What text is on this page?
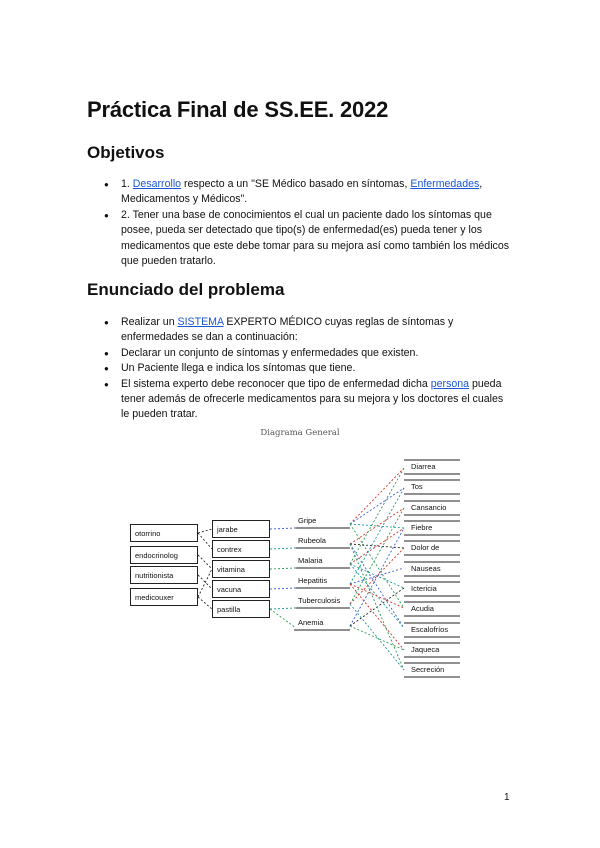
Práctica Final de SS.EE. 2022
Objetivos
● 1. Desarrollo respecto a un "SE Médico basado en síntomas, Enfermedades, Medicamentos y Médicos".
● 2. Tener una base de conocimientos el cual un paciente dado los síntomas que posee, pueda ser detectado que tipo(s) de enfermedad(es) pueda tener y los medicamentos que este debe tomar para su mejora así como también los médicos que pueden tratarlo.
Enunciado del problema
● Realizar un SISTEMA EXPERTO MÉDICO cuyas reglas de síntomas y enfermedades se dan a continuación:
● Declarar un conjunto de síntomas y enfermedades que existen.
● Un Paciente llega e indica los síntomas que tiene.
● El sistema experto debe reconocer que tipo de enfermedad dicha persona pueda tener además de ofrecerle medicamentos para su mejora y los doctores el cuales le pueden tratar.
Diagrama General
otorrino
endocrinolog
nutritionista
medicouxer
jarabe
contrex
vitamina
vacuna
pastilla
Gripe
Rubeola
Malaria
Hepatitis
Tuberculosis
Anemia
Diarrea
Tos
Cansancio
Fiebre
Dolor de
Nauseas
Ictericia
Acudia
Escalofríos
Jaqueca
Secreción
1
